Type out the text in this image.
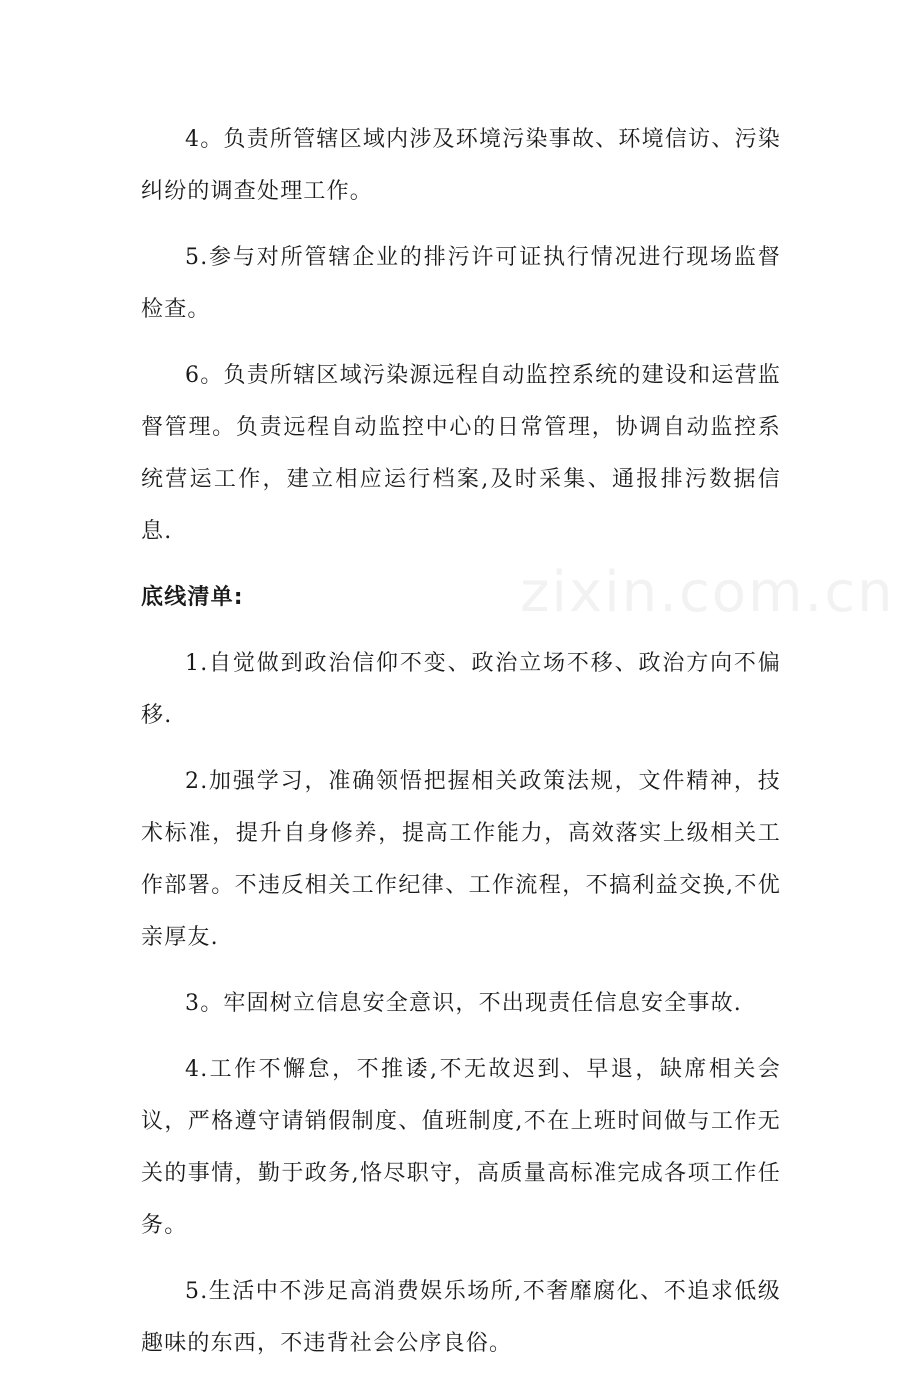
4。负责所管辖区域内涉及环境污染事故、环境信访、污染纠纷的调查处理工作。

5.参与对所管辖企业的排污许可证执行情况进行现场监督检查。

6。负责所辖区域污染源远程自动监控系统的建设和运营监督管理。负责远程自动监控中心的日常管理，协调自动监控系统营运工作，建立相应运行档案,及时采集、通报排污数据信息.

底线清单:

1.自觉做到政治信仰不变、政治立场不移、政治方向不偏移.

2.加强学习，准确领悟把握相关政策法规，文件精神，技术标准，提升自身修养，提高工作能力，高效落实上级相关工作部署。不违反相关工作纪律、工作流程，不搞利益交换,不优亲厚友.

3。牢固树立信息安全意识，不出现责任信息安全事故.

4.工作不懈怠，不推诿,不无故迟到、早退，缺席相关会议，严格遵守请销假制度、值班制度,不在上班时间做与工作无关的事情，勤于政务,恪尽职守，高质量高标准完成各项工作任务。

5.生活中不涉足高消费娱乐场所,不奢靡腐化、不追求低级趣味的东西，不违背社会公序良俗。

zixin.com.cn
